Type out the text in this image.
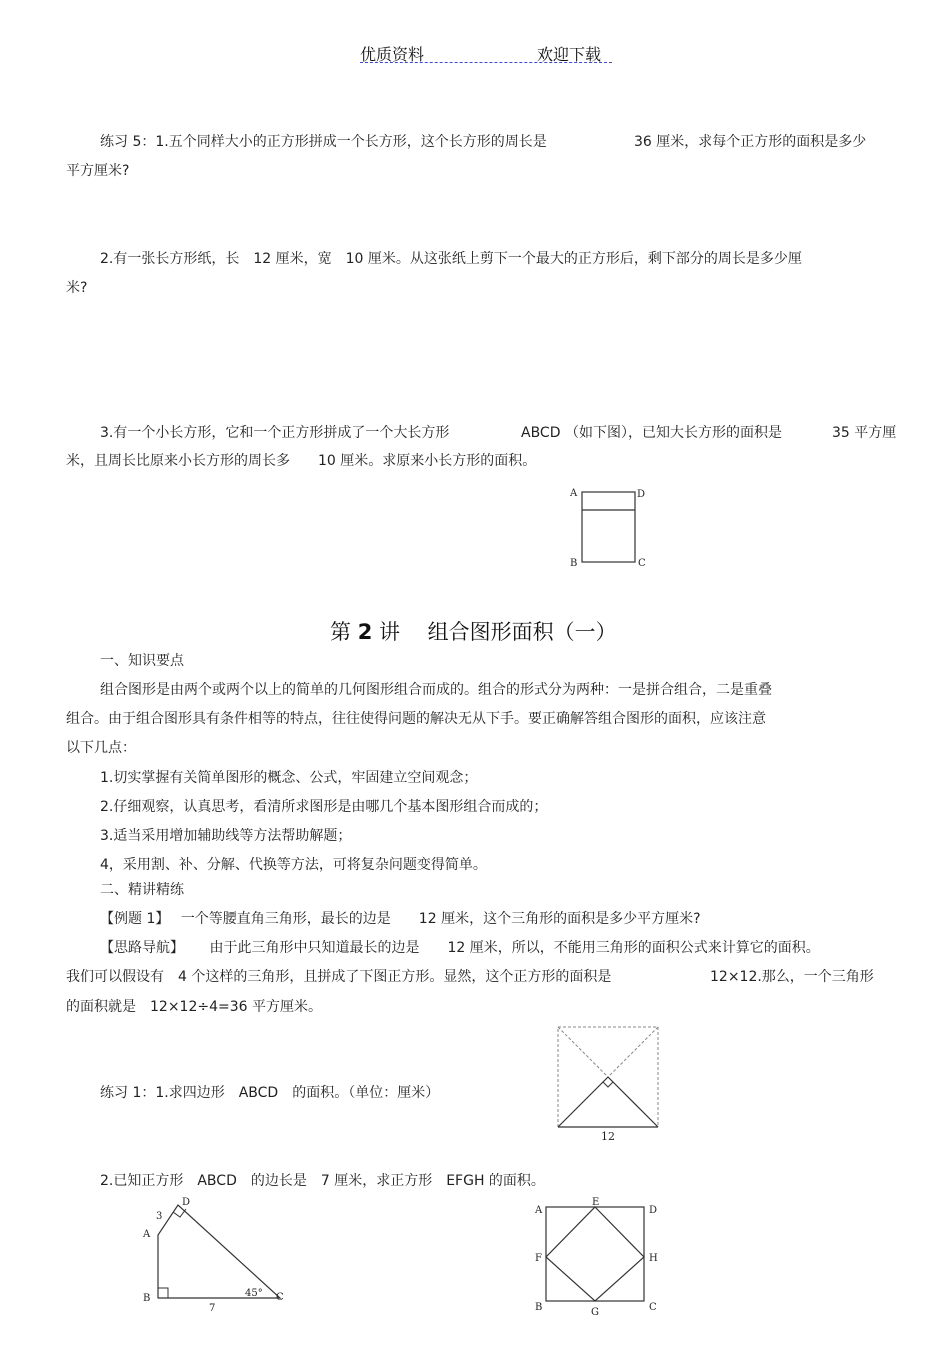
优质资料	欢迎下载
练习 5：1.五个同样大小的正方形拼成一个长方形，这个长方形的周长是	36 厘米，求每个正方形的面积是多少
平方厘米?
2.有一张长方形纸，长　12 厘米，宽　10 厘米。从这张纸上剪下一个最大的正方形后，剩下部分的周长是多少厘
米?
3.有一个小长方形，它和一个正方形拼成了一个大长方形	ABCD （如下图），已知大长方形的面积是	35 平方厘
米，且周长比原来小长方形的周长多　　10 厘米。求原来小长方形的面积。
A	D
B	C
第 2 讲　 组合图形面积（一）
一、知识要点
组合图形是由两个或两个以上的简单的几何图形组合而成的。组合的形式分为两种：一是拼合组合，二是重叠
组合。由于组合图形具有条件相等的特点，往往使得问题的解决无从下手。要正确解答组合图形的面积，应该注意
以下几点：
1.切实掌握有关简单图形的概念、公式，牢固建立空间观念；
2.仔细观察，认真思考，看清所求图形是由哪几个基本图形组合而成的；
3.适当采用增加辅助线等方法帮助解题；
4，采用割、补、分解、代换等方法，可将复杂问题变得简单。
二、精讲精练
【例题 1】　 一个等腰直角三角形，最长的边是　　12 厘米，这个三角形的面积是多少平方厘米?
【思路导航】　　 由于此三角形中只知道最长的边是　　12 厘米，所以，不能用三角形的面积公式来计算它的面积。
我们可以假设有　4 个这样的三角形，且拼成了下图正方形。显然，这个正方形的面积是	12×12.那么，一个三角形
的面积就是　12×12÷4=36 平方厘米。
12
练习 1：1.求四边形　ABCD　的面积。（单位：厘米）
2.已知正方形　ABCD　的边长是　7 厘米，求正方形　EFGH 的面积。
D
3
A
B	45° C
7
A
E
D
F	H
B	G	C
